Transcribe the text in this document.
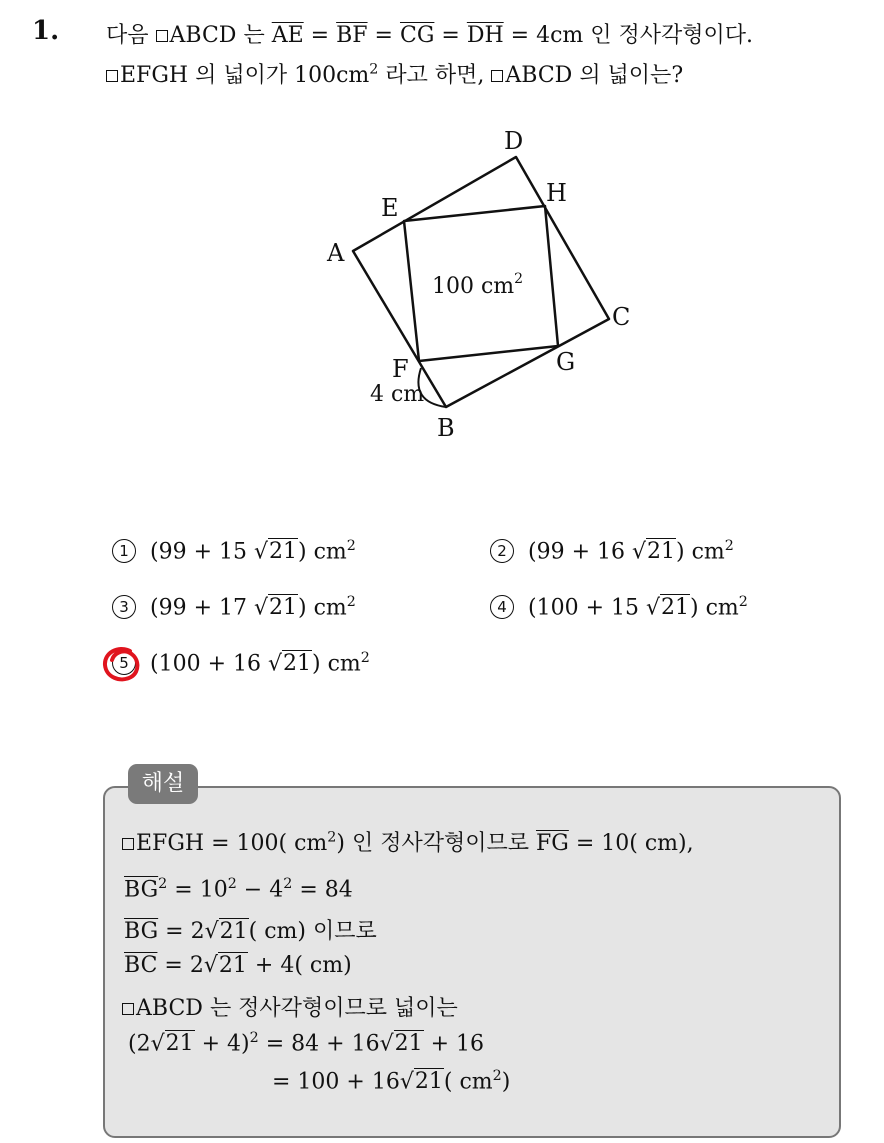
1. 다음 ABCD 는 $\overline{AE} = \overline{BF} = \overline{CG} = \overline{DH} = 4cm$ 인 정사각형이다.
EFGH 의 넓이가 $100cm^2$ 라고 하면, ABCD 의 넓이는?
A
B
C
D
E
F	G
H
100 $cm^2$
4 cm
1 (99 + 15 √21) $cm^2$	2 (99 + 16 √21) $cm^2$
3 (99 + 17 √21) $cm^2$	4 (100 + 15 √21) $cm^2$
5 (100 + 16 √21) $cm^2$
해설
EFGH = 100( $cm^2$) 인 정사각형이므로 $\overline{FG} = 10$( cm),
$\overline{BG}^2 = 10^2 - 4^2 = 84$
$\overline{BG} = 2√21$( cm) 이므로
$\overline{BC} = 2√21 + 4$( cm)
ABCD 는 정사각형이므로 넓이는
$(2√21 + 4)^2 = 84 + 16√21 + 16$
= 100 + 16√21( $cm^2$)
